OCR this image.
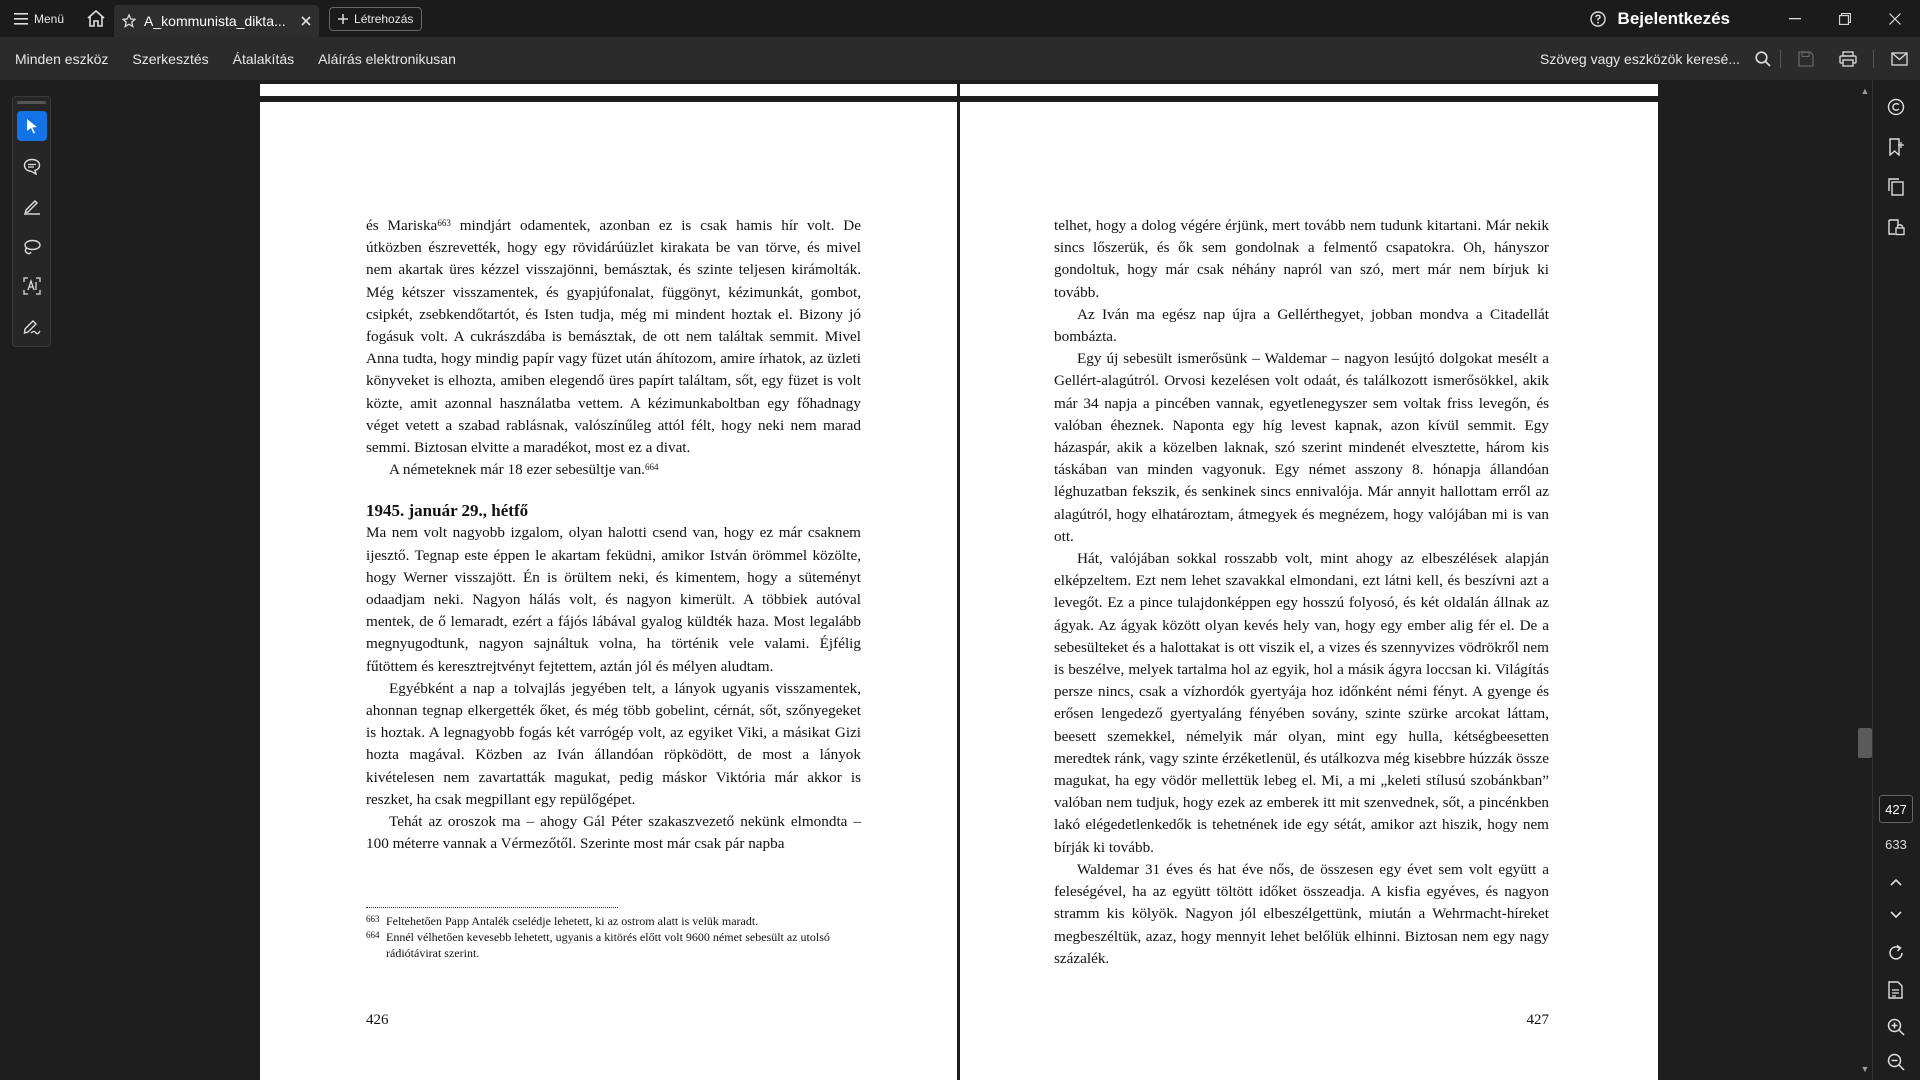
Menü	A_kommunista_dikta...	Létrehozás	Bejelentkezés
Minden eszköz	Szerkesztés	Átalakítás	Aláírás elektronikusan	Szöveg vagy eszközök keresé...

és Mariska$^{663}$ mindjárt odamentek, azonban ez is csak hamis hír volt. De útközben észrevették, hogy egy rövidárúüzlet kirakata be van törve, és mivel nem akartak üres kézzel visszajönni, bemásztak, és szinte teljesen kirámolták. Még kétszer visszamentek, és gyapjúfonalat, függönyt, kézimunkát, gombot, csipkét, zsebkendőtartót, és Isten tudja, még mi mindent hoztak el. Bizony jó fogásuk volt. A cukrászdába is bemásztak, de ott nem találtak semmit. Mivel Anna tudta, hogy mindig papír vagy füzet után áhítozom, amire írhatok, az üzleti könyveket is elhozta, amiben elegendő üres papírt találtam, sőt, egy füzet is volt közte, amit azonnal használatba vettem. A kézimunkaboltban egy főhadnagy véget vetett a szabad rablásnak, valószínűleg attól félt, hogy neki nem marad semmi. Biztosan elvitte a maradékot, most ez a divat.

A németeknek már 18 ezer sebesültje van.$^{664}$

1945. január 29., hétfő

Ma nem volt nagyobb izgalom, olyan halotti csend van, hogy ez már csaknem ijesztő. Tegnap este éppen le akartam feküdni, amikor István örömmel közölte, hogy Werner visszajött. Én is örültem neki, és kimentem, hogy a süteményt odaadjam neki. Nagyon hálás volt, és nagyon kimerült. A többiek autóval mentek, de ő lemaradt, ezért a fájós lábával gyalog küldték haza. Most legalább megnyugodtunk, nagyon sajnáltuk volna, ha történik vele valami. Éjfélig fűtöttem és keresztrejtvényt fejtettem, aztán jól és mélyen aludtam.

Egyébként a nap a tolvajlás jegyében telt, a lányok ugyanis visszamentek, ahonnan tegnap elkergették őket, és még több gobelint, cérnát, sőt, szőnyegeket is hoztak. A legnagyobb fogás két varrógép volt, az egyiket Viki, a másikat Gizi hozta magával. Közben az Iván állandóan röpködött, de most a lányok kivételesen nem zavartatták magukat, pedig máskor Viktória már akkor is reszket, ha csak megpillant egy repülőgépet.

Tehát az oroszok ma – ahogy Gál Péter szakaszvezető nekünk elmondta – 100 méterre vannak a Vérmezőtől. Szerinte most már csak pár napba

663 Feltehetően Papp Antalék cselédje lehetett, ki az ostrom alatt is velük maradt.
664 Ennél vélhetően kevesebb lehetett, ugyanis a kitörés előtt volt 9600 német sebesült az utolsó rádiótávirat szerint.
426

telhet, hogy a dolog végére érjünk, mert tovább nem tudunk kitartani. Már nekik sincs lőszerük, és ők sem gondolnak a felmentő csapatokra. Oh, hányszor gondoltuk, hogy már csak néhány napról van szó, mert már nem bírjuk ki tovább.

Az Iván ma egész nap újra a Gellérthegyet, jobban mondva a Citadellát bombázta.

Egy új sebesült ismerősünk – Waldemar – nagyon lesújtó dolgokat mesélt a Gellért-alagútról. Orvosi kezelésen volt odaát, és találkozott ismerősökkel, akik már 34 napja a pincében vannak, egyetlenegyszer sem voltak friss levegőn, és valóban éheznek. Naponta egy híg levest kapnak, azon kívül semmit. Egy házaspár, akik a közelben laknak, szó szerint mindenét elvesztette, három kis táskában van minden vagyonuk. Egy német asszony 8. hónapja állandóan léghuzatban fekszik, és senkinek sincs ennivalója. Már annyit hallottam erről az alagútról, hogy elhatároztam, átmegyek és megnézem, hogy valójában mi is van ott.

Hát, valójában sokkal rosszabb volt, mint ahogy az elbeszélések alapján elképzeltem. Ezt nem lehet szavakkal elmondani, ezt látni kell, és beszívni azt a levegőt. Ez a pince tulajdonképpen egy hosszú folyosó, és két oldalán állnak az ágyak. Az ágyak között olyan kevés hely van, hogy egy ember alig fér el. De a sebesülteket és a halottakat is ott viszik el, a vizes és szennyvizes vödrökről nem is beszélve, melyek tartalma hol az egyik, hol a másik ágyra loccsan ki. Világítás persze nincs, csak a vízhordók gyertyája hoz időnként némi fényt. A gyenge és erősen lengedező gyertyaláng fényében sovány, szinte szürke arcokat láttam, beesett szemekkel, némelyik már olyan, mint egy hulla, kétségbeesetten meredtek ránk, vagy szinte érzéketlenül, és utálkozva még kisebbre húzzák össze magukat, ha egy vödör mellettük lebeg el. Mi, a mi „keleti stílusú szobánkban” valóban nem tudjuk, hogy ezek az emberek itt mit szenvednek, sőt, a pincénkben lakó elégedetlenkedők is tehetnének ide egy sétát, amikor azt hiszik, hogy nem bírják ki tovább.

Waldemar 31 éves és hat éve nős, de összesen egy évet sem volt együtt a feleségével, ha az együtt töltött időket összeadja. A kisfia egyéves, és nagyon stramm kis kölyök. Nagyon jól elbeszélgettünk, miután a Wehrmacht-híreket megbeszéltük, azaz, hogy mennyit lehet belőlük elhinni. Biztosan nem egy nagy százalék.

427
▲
▼
427
633
